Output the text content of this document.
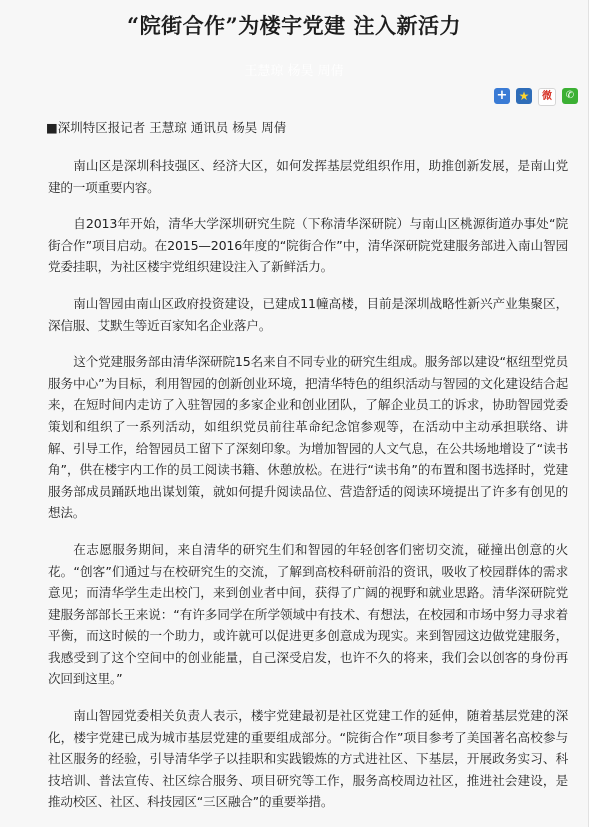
“院街合作”为楼宇党建 注入新活力
王慧琼 杨昊 周倩
+ ★	微	✆
■深圳特区报记者 王慧琼 通讯员 杨昊 周倩

南山区是深圳科技强区、经济大区，如何发挥基层党组织作用，助推创新发展，是南山党建的一项重要内容。

自2013年开始，清华大学深圳研究生院（下称清华深研院）与南山区桃源街道办事处“院街合作”项目启动。在2015—2016年度的“院街合作”中，清华深研院党建服务部进入南山智园党委挂职，为社区楼宇党组织建设注入了新鲜活力。

南山智园由南山区政府投资建设，已建成11幢高楼，目前是深圳战略性新兴产业集聚区，深信服、艾默生等近百家知名企业落户。

这个党建服务部由清华深研院15名来自不同专业的研究生组成。服务部以建设“枢纽型党员服务中心”为目标，利用智园的创新创业环境，把清华特色的组织活动与智园的文化建设结合起来，在短时间内走访了入驻智园的多家企业和创业团队，了解企业员工的诉求，协助智园党委策划和组织了一系列活动，如组织党员前往革命纪念馆参观等，在活动中主动承担联络、讲解、引导工作，给智园员工留下了深刻印象。为增加智园的人文气息，在公共场地增设了“读书角”，供在楼宇内工作的员工阅读书籍、休憩放松。在进行“读书角”的布置和图书选择时，党建服务部成员踊跃地出谋划策，就如何提升阅读品位、营造舒适的阅读环境提出了许多有创见的想法。

在志愿服务期间，来自清华的研究生们和智园的年轻创客们密切交流，碰撞出创意的火花。“创客”们通过与在校研究生的交流，了解到高校科研前沿的资讯，吸收了校园群体的需求意见；而清华学生走出校门，来到创业者中间，获得了广阔的视野和就业思路。清华深研院党建服务部部长王来说：“有许多同学在所学领域中有技术、有想法，在校园和市场中努力寻求着平衡，而这时候的一个助力，或许就可以促进更多创意成为现实。来到智园这边做党建服务，我感受到了这个空间中的创业能量，自己深受启发，也许不久的将来，我们会以创客的身份再次回到这里。”

南山智园党委相关负责人表示，楼宇党建最初是社区党建工作的延伸，随着基层党建的深化，楼宇党建已成为城市基层党建的重要组成部分。“院街合作”项目参考了美国著名高校参与社区服务的经验，引导清华学子以挂职和实践锻炼的方式进社区、下基层，开展政务实习、科技培训、普法宣传、社区综合服务、项目研究等工作，服务高校周边社区，推进社会建设，是推动校区、社区、科技园区“三区融合”的重要举措。
